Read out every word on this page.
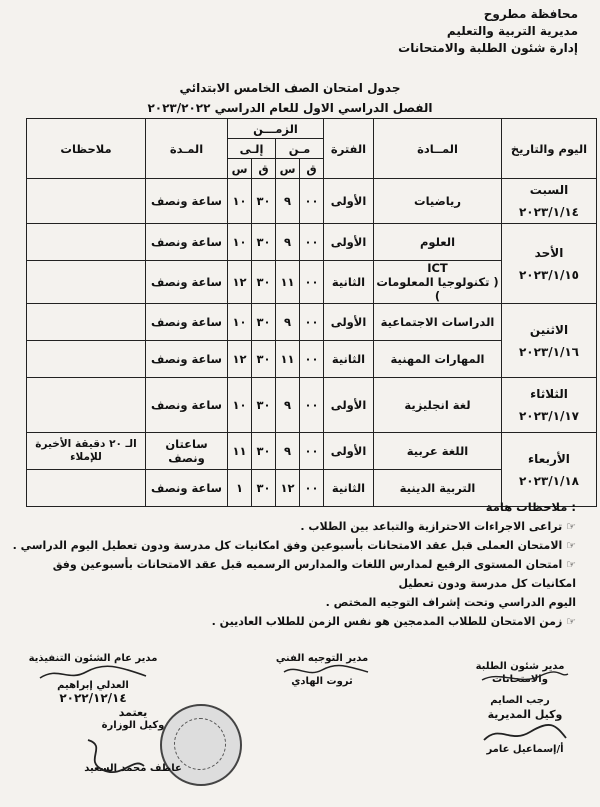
محافظة مطروح
مديرية التربية والتعليم
إدارة شئون الطلبة والامتحانات
جدول امتحان الصف الخامس الابتدائي
الفصل الدراسي الاول للعام الدراسي ٢٠٢٣/٢٠٢٢
اليوم والتاريخ	المــادة	الفترة	الزمـــن				المـدة	ملاحظات
			مـن		إلـى			
			ق	س	ق	س		

السبت
٢٠٢٣/١/١٤	رياضيات	الأولى	٠٠	٩	٣٠	١٠	ساعة ونصف	

الأحد
٢٠٢٣/١/١٥	العلوم	الأولى	٠٠	٩	٣٠	١٠	ساعة ونصف	

	ICT
( تكنولوجيا المعلومات )	الثانية	٠٠	١١	٣٠	١٢	ساعة ونصف	

الاثنين
٢٠٢٣/١/١٦	الدراسات الاجتماعية	الأولى	٠٠	٩	٣٠	١٠	ساعة ونصف	
	المهارات المهنية	الثانية	٠٠	١١	٣٠	١٢	ساعة ونصف	

الثلاثاء
٢٠٢٣/١/١٧	لغة انجليزية	الأولى	٠٠	٩	٣٠	١٠	ساعة ونصف	

الأربعاء
٢٠٢٣/١/١٨	اللغة عربية	الأولى	٠٠	٩	٣٠	١١	ساعتان ونصف	الـ ٢٠ دقيقة الأخيرة للإملاء
	التربية الدينية	الثانية	٠٠	١٢	٣٠	١	ساعة ونصف	
ملاحظات هامة :
☞ تراعى الاجراءات الاحترازية والتباعد بين الطلاب .
☞ الامتحان العملى قبل عقد الامتحانات بأسبوعين وفق امكانيات كل مدرسة ودون تعطيل اليوم الدراسي .
☞ امتحان المستوى الرفيع لمدارس اللغات والمدارس الرسميه قبل عقد الامتحانات بأسبوعين وفق امكانيات كل مدرسة ودون تعطيل
اليوم الدراسي وتحت إشراف التوجيه المختص .
☞ زمن الامتحان للطلاب المدمجين هو نفس الزمن للطلاب العاديين .
مدير عام الشئون التنفيذية
العدلي إبراهيم
٢٠٢٢/١٢/١٤
مدير التوجيه الفني
ثروت الهادي
مدير شئون الطلبة والامتحانات
رجب الصايم
يعتمد
وكيل الوزارة
عاطف محمد السعيد
وكيل المديرية
أ/إسماعيل عامر
